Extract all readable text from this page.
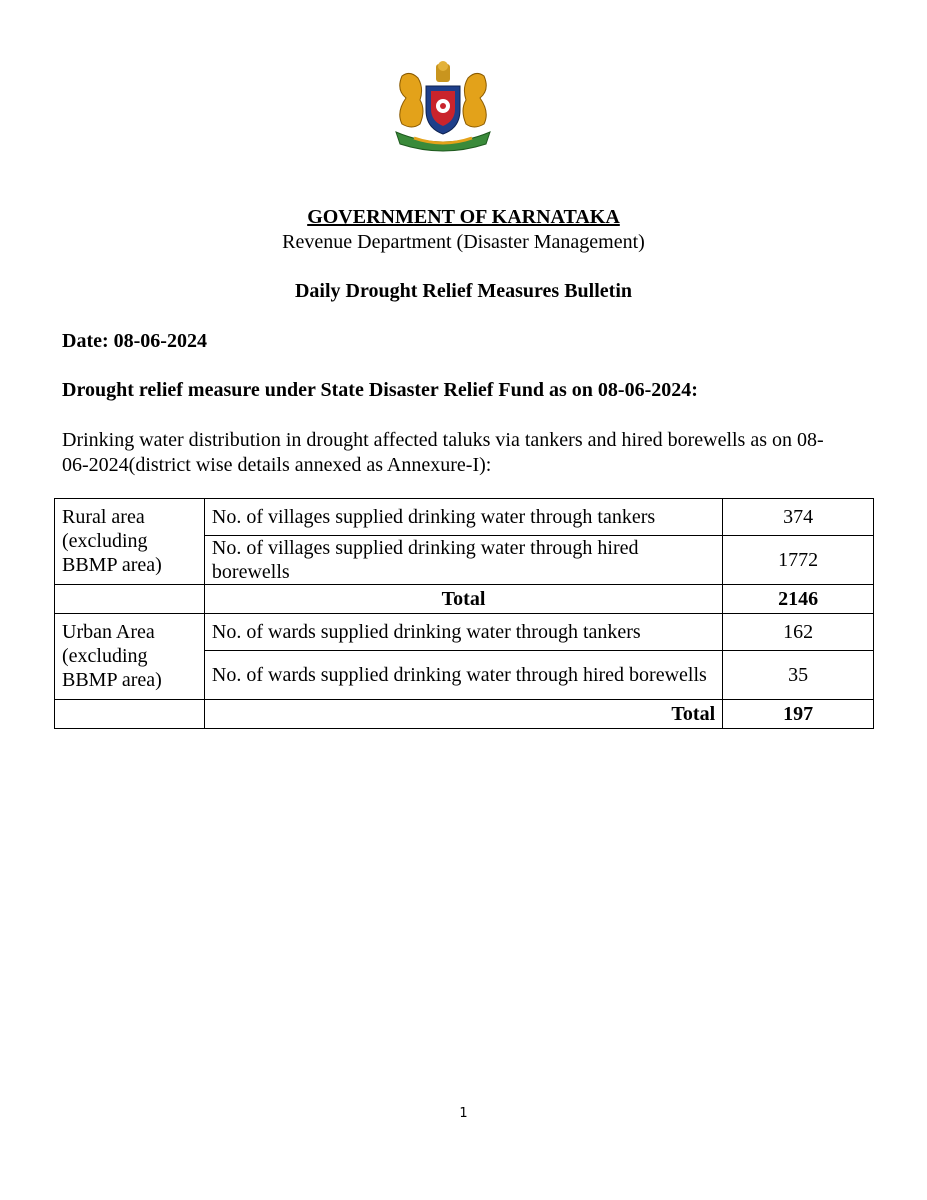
GOVERNMENT OF KARNATAKA
Revenue Department (Disaster Management)
Daily Drought Relief Measures Bulletin
Date: 08-06-2024
Drought relief measure under State Disaster Relief Fund as on 08-06-2024:
Drinking water distribution in drought affected taluks via tankers and hired borewells as on 08-06-2024(district wise details annexed as Annexure-I):
Rural area (excluding BBMP area)	No. of villages supplied drinking water through tankers	374
	No. of villages supplied drinking water through hired borewells	1772
	Total	2146
Urban Area (excluding BBMP area)	No. of wards supplied drinking water through tankers	162
	No. of wards supplied drinking water through hired borewells	35
	Total	197
1
